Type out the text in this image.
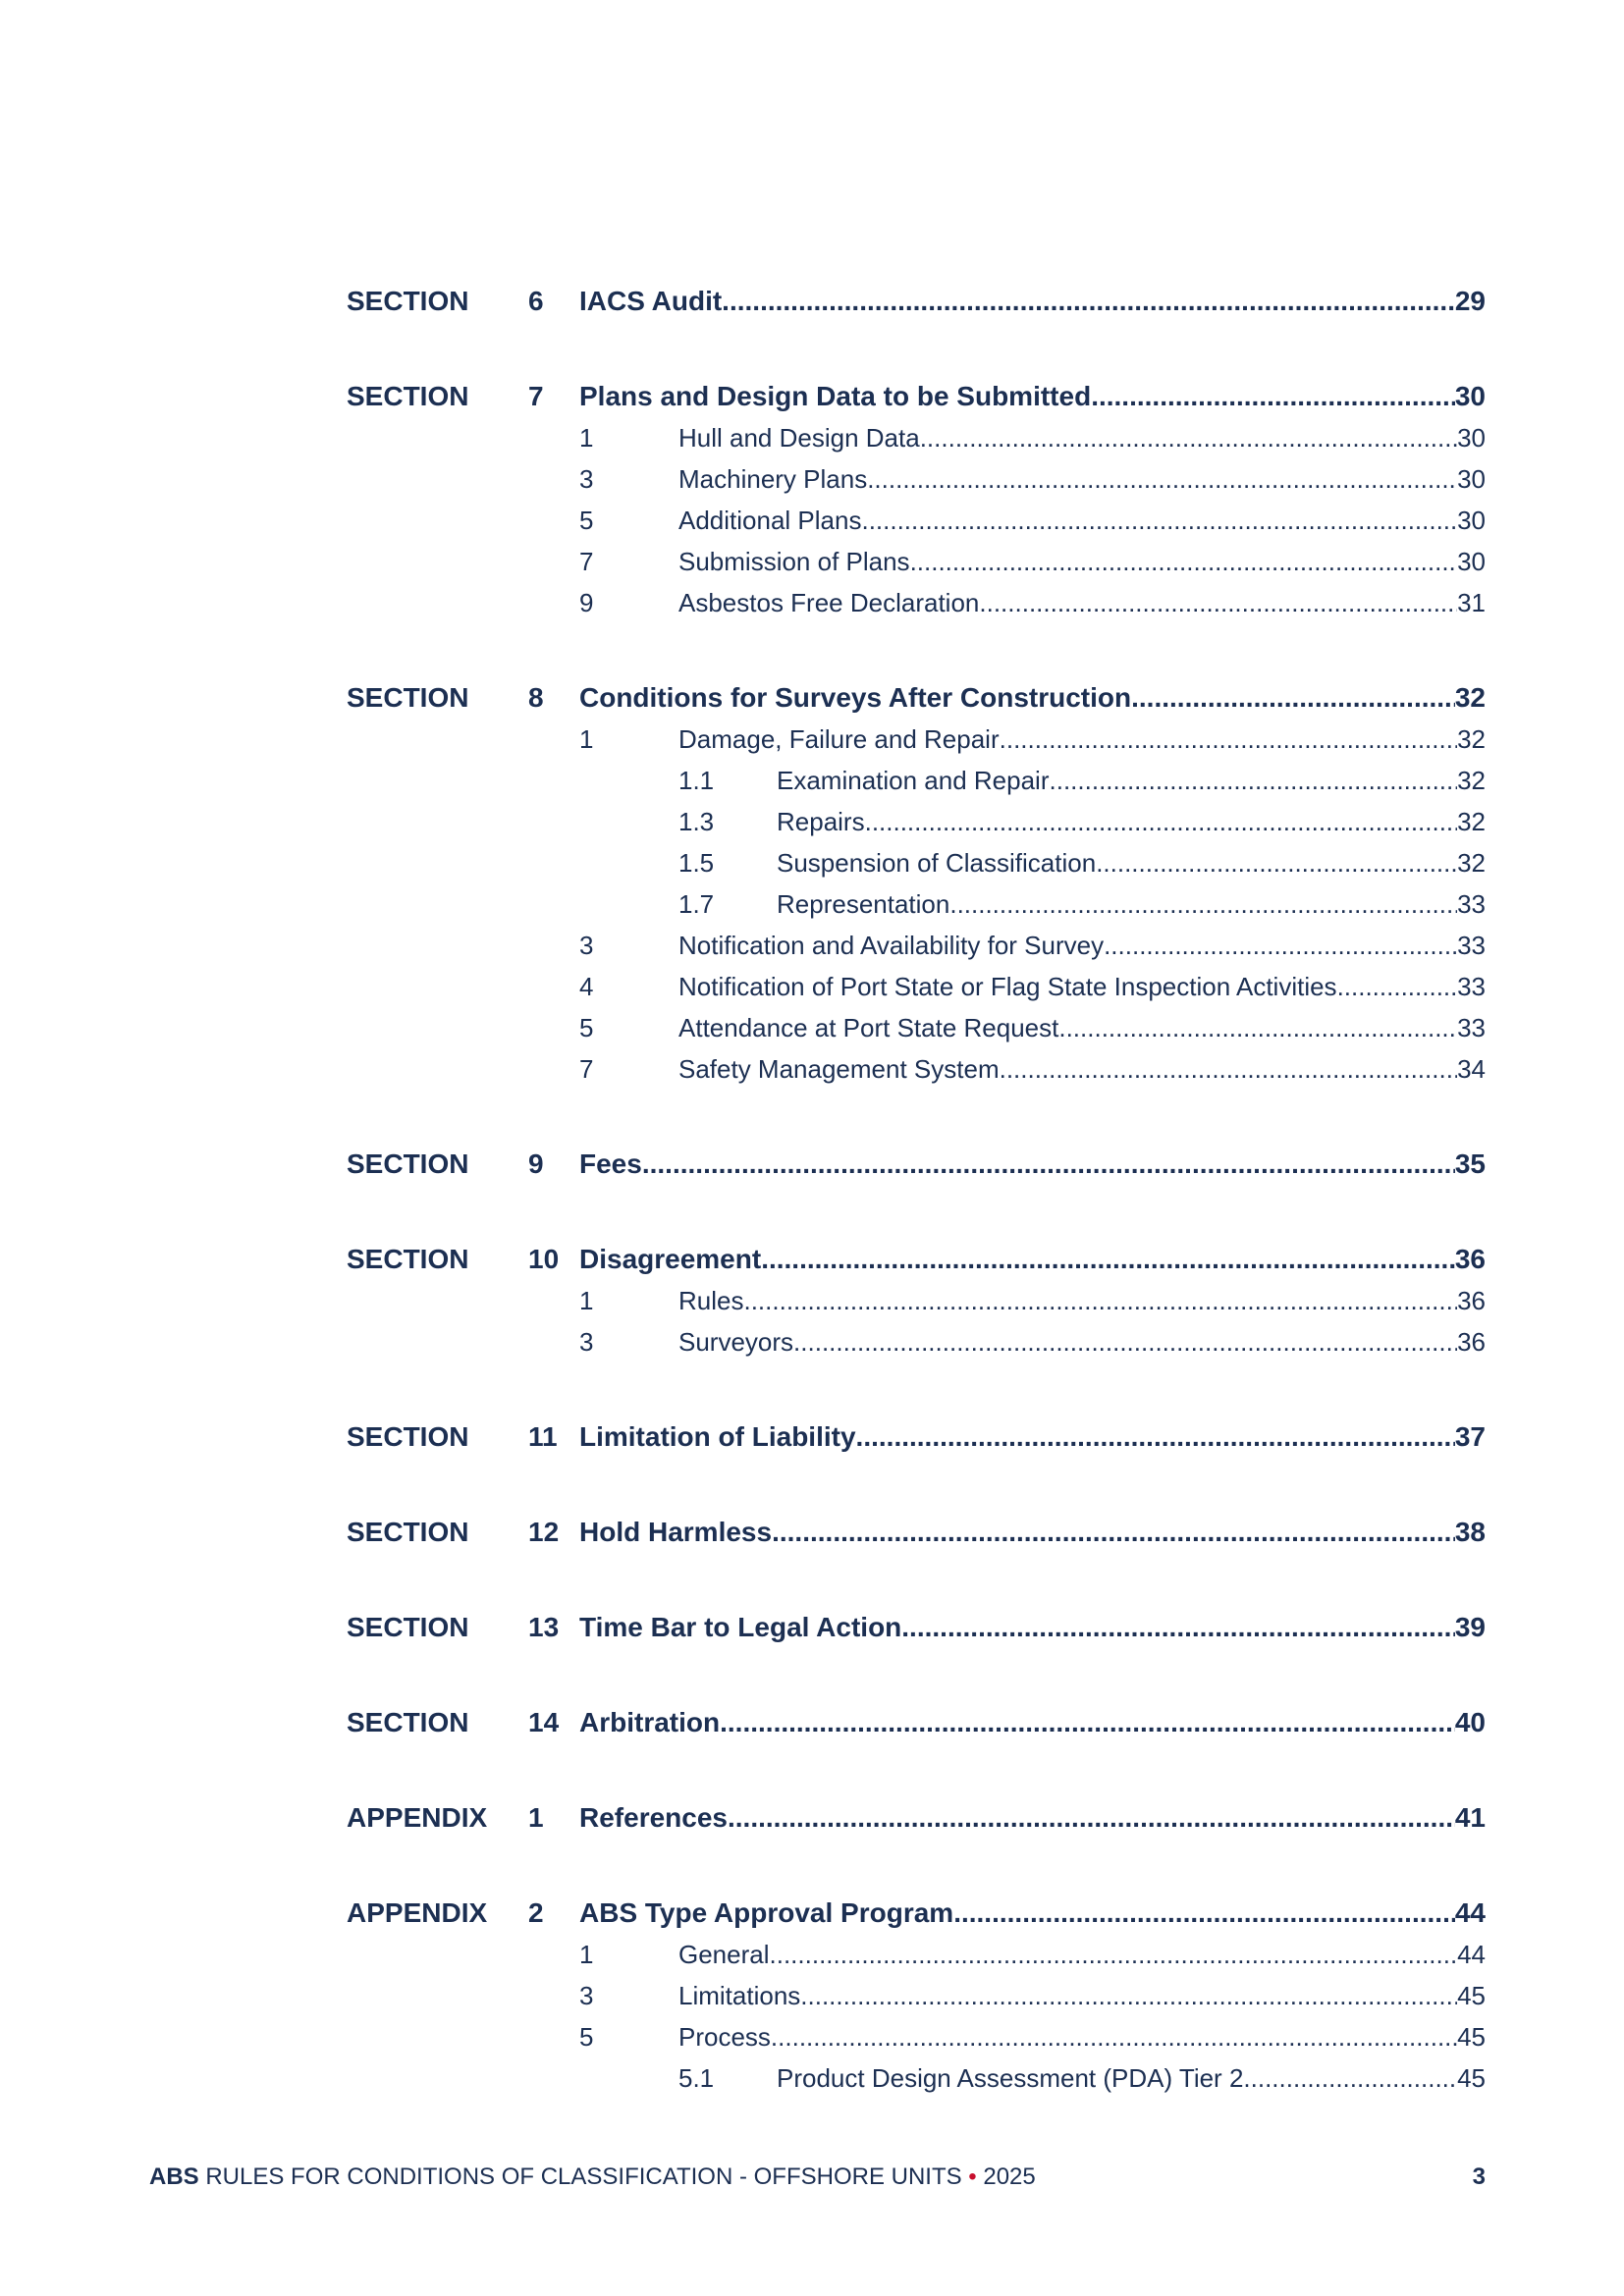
SECTION	6	IACS Audit .....	29
SECTION	7	Plans and Design Data to be Submitted .....	30
1	Hull and Design Data .....	30
3	Machinery Plans .....	30
5	Additional Plans .....	30
7	Submission of Plans .....	30
9	Asbestos Free Declaration .....	31
SECTION	8	Conditions for Surveys After Construction .....	32
1	Damage, Failure and Repair .....	32
1.1	Examination and Repair .....	32
1.3	Repairs .....	32
1.5	Suspension of Classification .....	32
1.7	Representation .....	33
3	Notification and Availability for Survey .....	33
4	Notification of Port State or Flag State Inspection Activities .....	33
5	Attendance at Port State Request .....	33
7	Safety Management System .....	34
SECTION	9	Fees .....	35
SECTION	10 Disagreement .....	36
1	Rules .....	36
3	Surveyors .....	36
SECTION	11 Limitation of Liability .....	37
SECTION	12 Hold Harmless .....	38
SECTION	13 Time Bar to Legal Action .....	39
SECTION	14 Arbitration .....	40
APPENDIX	1	References .....	41
APPENDIX	2	ABS Type Approval Program .....	44
1	General .....	44
3	Limitations .....	45
5	Process .....	45
5.1	Product Design Assessment (PDA) Tier 2 .....	45
ABS RULES FOR CONDITIONS OF CLASSIFICATION - OFFSHORE UNITS • 2025	3
